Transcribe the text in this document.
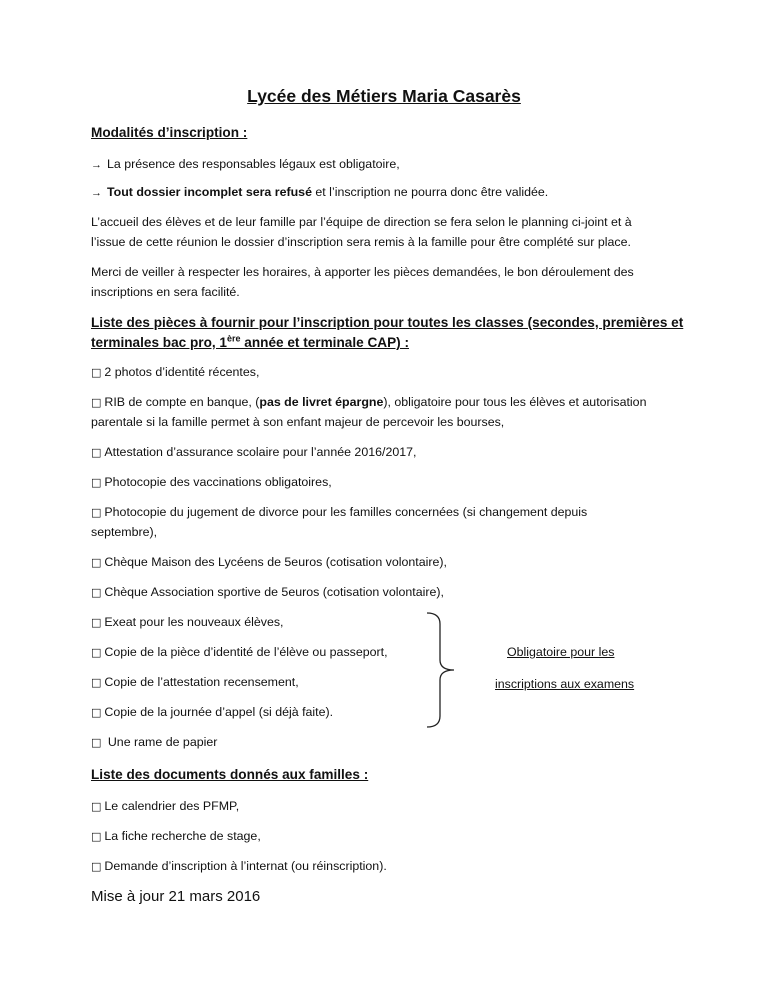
Lycée des Métiers Maria Casarès
Modalités d’inscription :
→ La présence des responsables légaux est obligatoire,
→ Tout dossier incomplet sera refusé et l’inscription ne pourra donc être validée.
L’accueil des élèves et de leur famille par l’équipe de direction se fera selon le planning ci-joint et à
l’issue de cette réunion le dossier d’inscription sera remis à la famille pour être complété sur place.
Merci de veiller à respecter les horaires, à apporter les pièces demandées, le bon déroulement des
inscriptions en sera facilité.
Liste des pièces à fournir pour l’inscription pour toutes les classes (secondes, premières et
terminales bac pro, 1ère année et terminale CAP) :
□ 2 photos d’identité récentes,
□ RIB de compte en banque, (pas de livret épargne), obligatoire pour tous les élèves et autorisation
parentale si la famille permet à son enfant majeur de percevoir les bourses,
□ Attestation d’assurance scolaire pour l’année 2016/2017,
□ Photocopie des vaccinations obligatoires,
□ Photocopie du jugement de divorce pour les familles concernées (si changement depuis
septembre),
□ Chèque Maison des Lycéens de 5euros (cotisation volontaire),
□ Chèque Association sportive de 5euros (cotisation volontaire),
□ Exeat pour les nouveaux élèves,
□ Copie de la pièce d’identité de l’élève ou passeport,
□ Copie de l’attestation recensement,
□ Copie de la journée d’appel (si déjà faite).
□ Une rame de papier
Obligatoire pour les
inscriptions aux examens
Liste des documents donnés aux familles :
□ Le calendrier des PFMP,
□ La fiche recherche de stage,
□ Demande d’inscription à l’internat (ou réinscription).
Mise à jour 21 mars 2016
